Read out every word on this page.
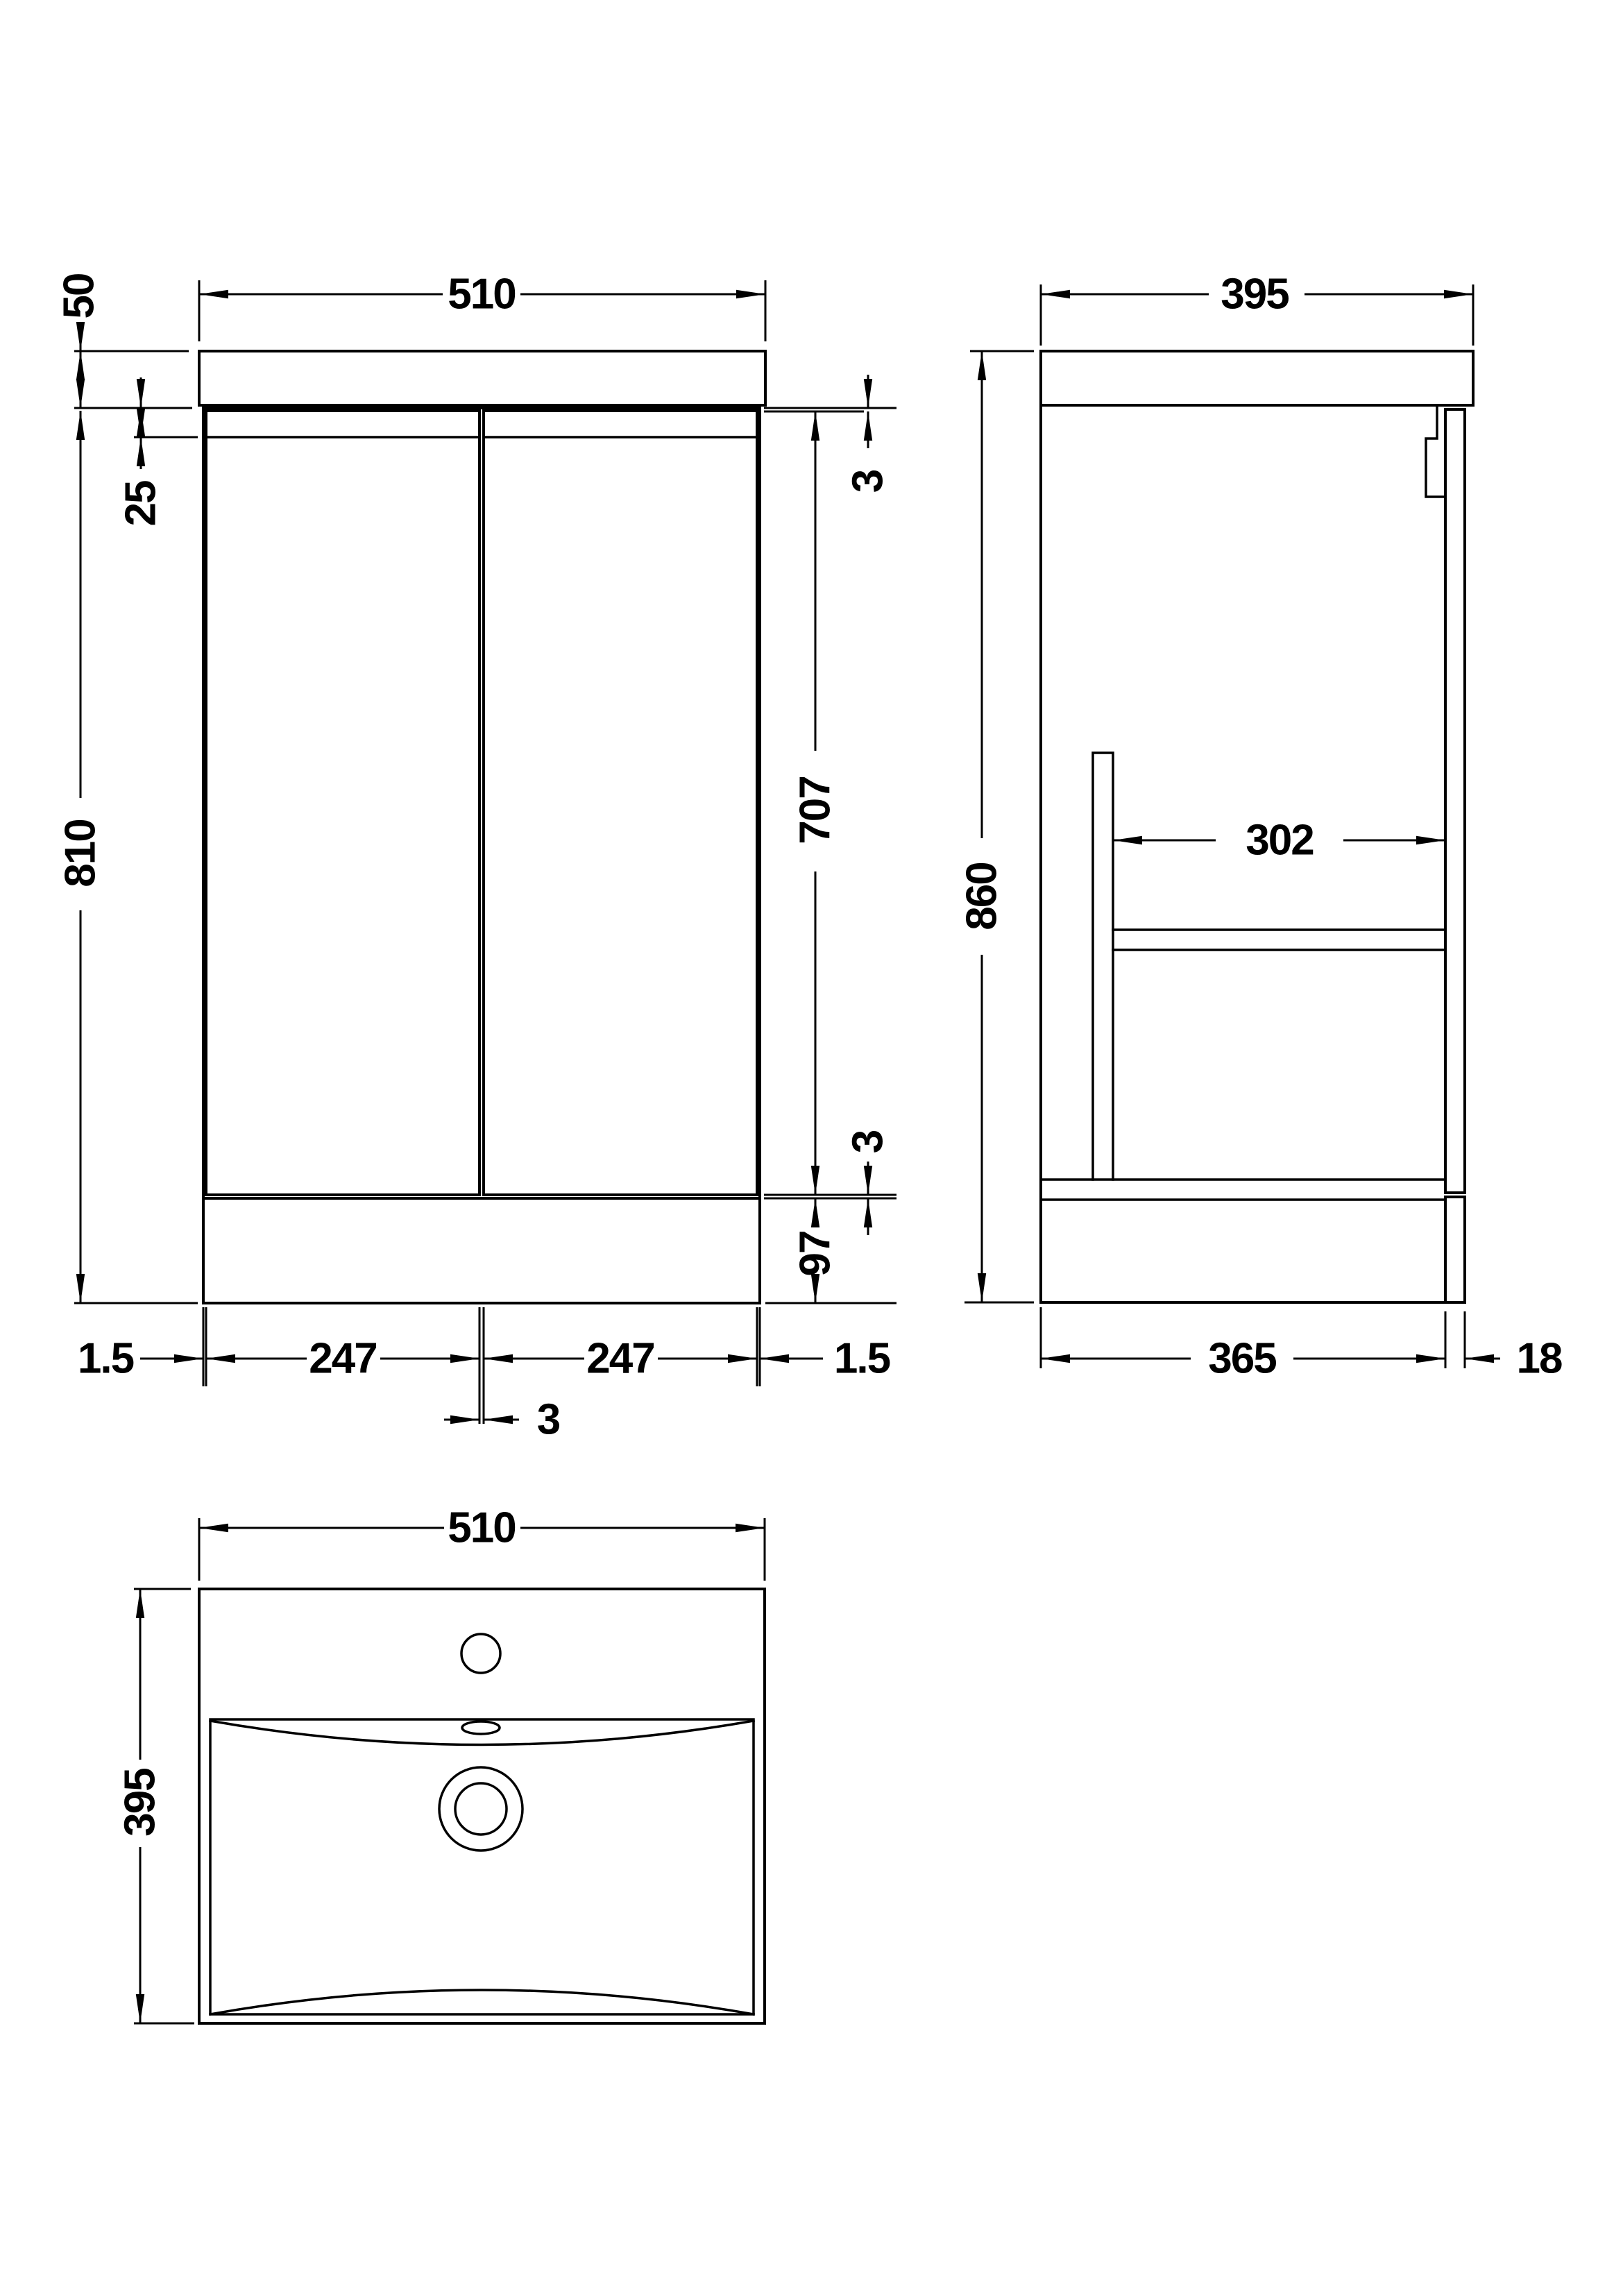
510
50
25
810
3
707
3
97
1.5	247	247	1.5
3
395
860
302
365	18
510
395
